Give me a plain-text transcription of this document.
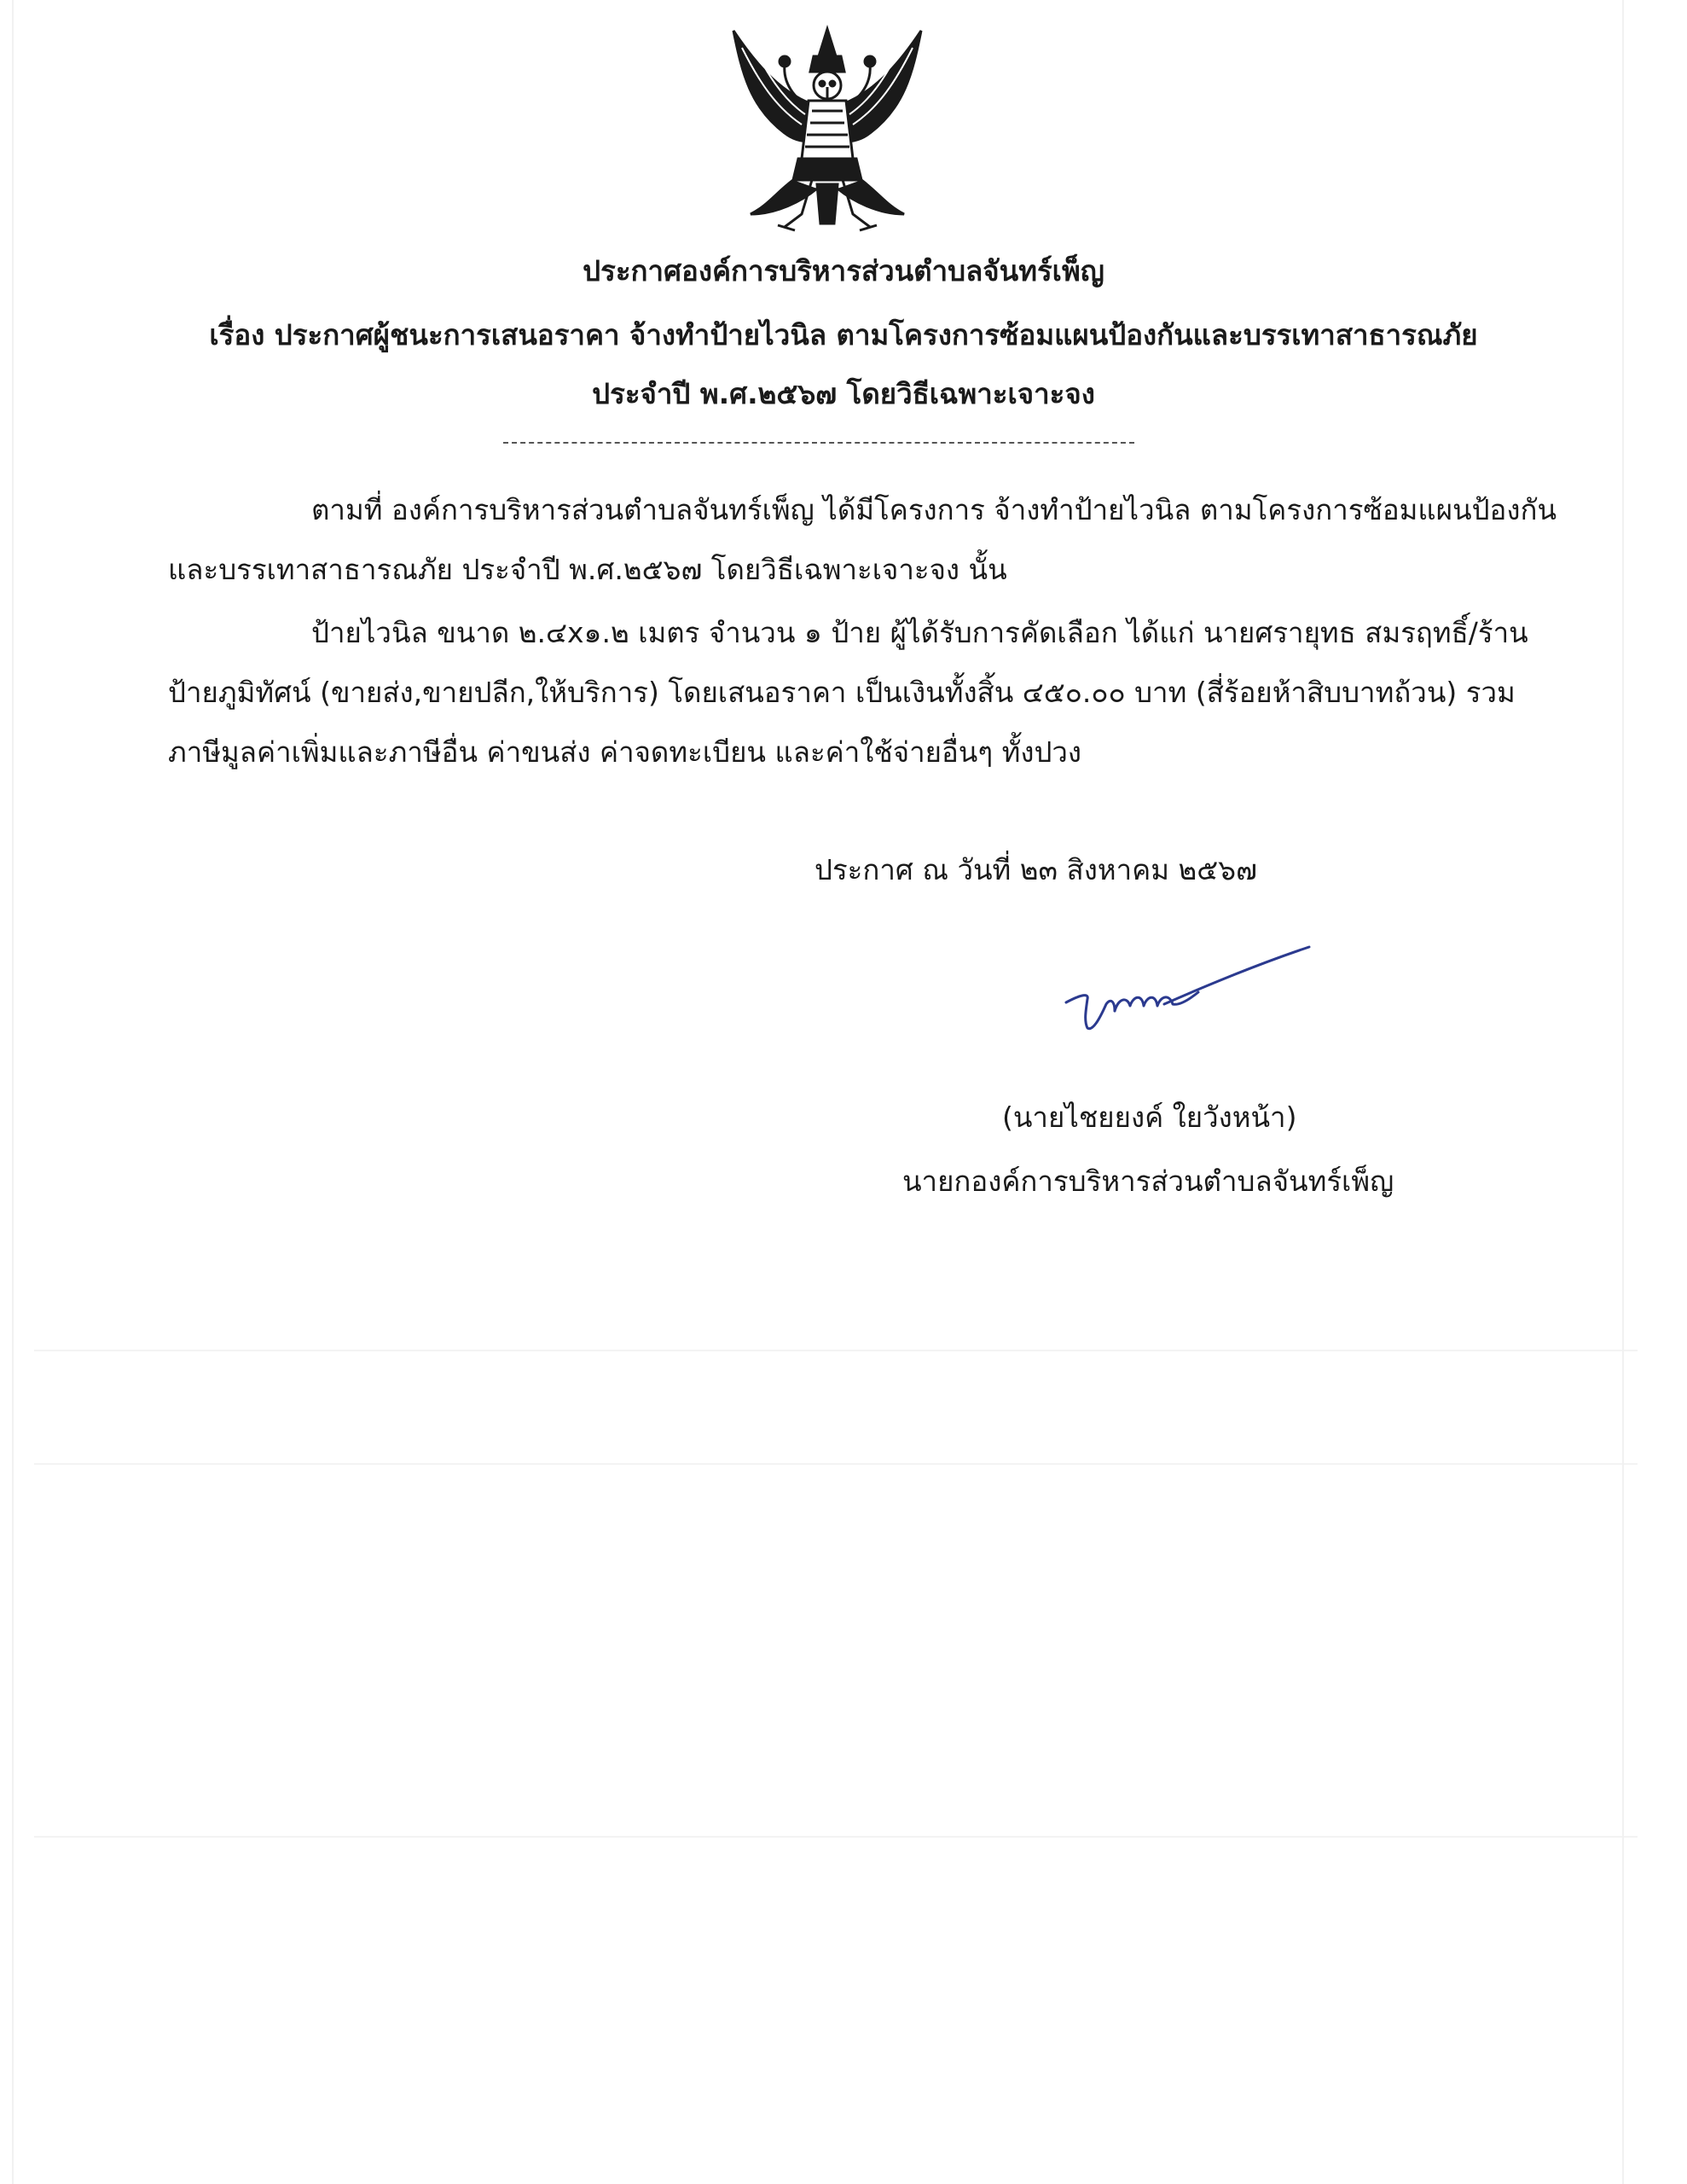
ประกาศองค์การบริหารส่วนตำบลจันทร์เพ็ญ
เรื่อง ประกาศผู้ชนะการเสนอราคา จ้างทำป้ายไวนิล ตามโครงการซ้อมแผนป้องกันและบรรเทาสาธารณภัย
ประจำปี พ.ศ.๒๕๖๗ โดยวิธีเฉพาะเจาะจง
ตามที่ องค์การบริหารส่วนตำบลจันทร์เพ็ญ ได้มีโครงการ จ้างทำป้ายไวนิล ตามโครงการซ้อมแผนป้องกัน
และบรรเทาสาธารณภัย ประจำปี พ.ศ.๒๕๖๗ โดยวิธีเฉพาะเจาะจง นั้น
ป้ายไวนิล ขนาด ๒.๔x๑.๒ เมตร จำนวน ๑ ป้าย ผู้ได้รับการคัดเลือก ได้แก่ นายศรายุทธ สมรฤทธิ์/ร้าน
ป้ายภูมิทัศน์ (ขายส่ง,ขายปลีก,ให้บริการ) โดยเสนอราคา เป็นเงินทั้งสิ้น ๔๕๐.๐๐ บาท (สี่ร้อยห้าสิบบาทถ้วน) รวม
ภาษีมูลค่าเพิ่มและภาษีอื่น ค่าขนส่ง ค่าจดทะเบียน และค่าใช้จ่ายอื่นๆ ทั้งปวง
ประกาศ ณ วันที่ ๒๓ สิงหาคม ๒๕๖๗
(นายไชยยงค์ ใยวังหน้า)
นายกองค์การบริหารส่วนตำบลจันทร์เพ็ญ
